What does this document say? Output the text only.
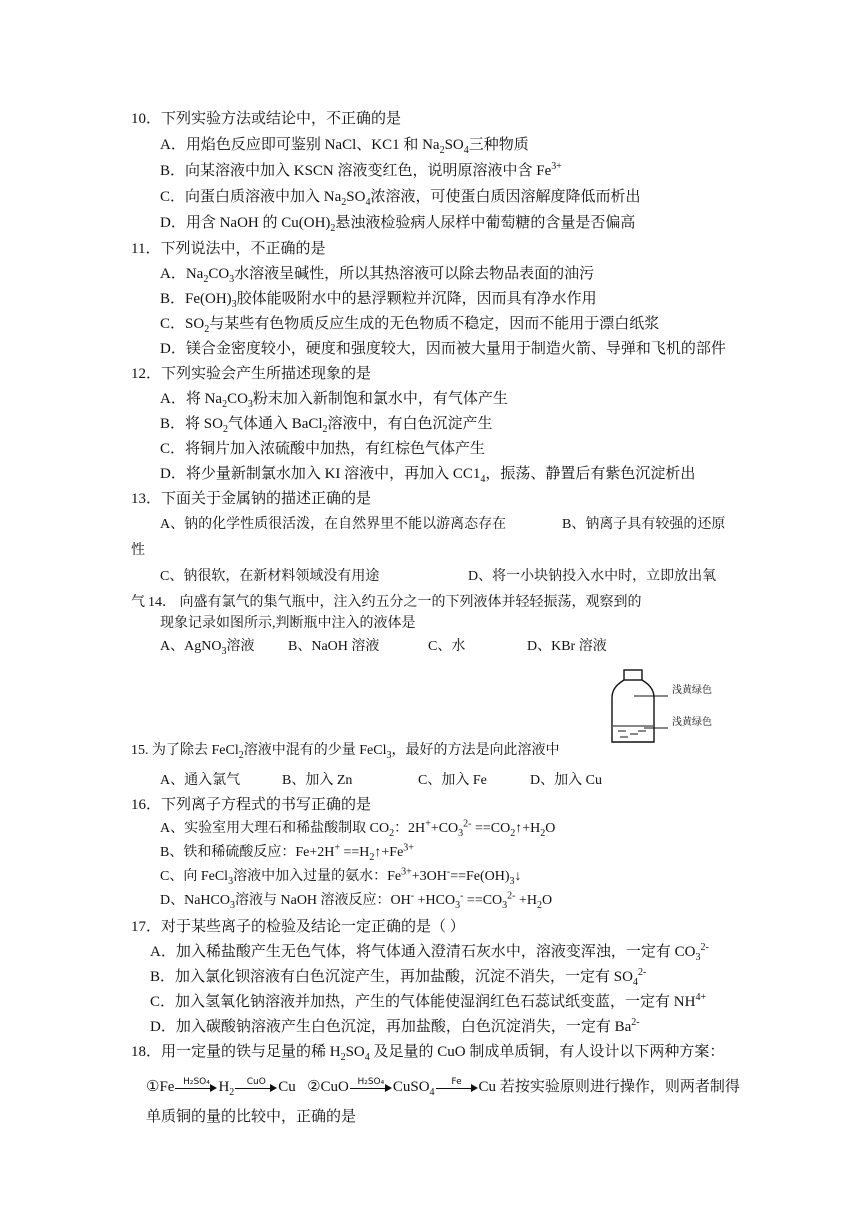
10．下列实验方法或结论中，不正确的是
A．用焰色反应即可鉴别 NaCl、KC1 和 $Na_2SO_4$三种物质
B．向某溶液中加入 KSCN 溶液变红色，说明原溶液中含 $Fe^{3+}$
C．向蛋白质溶液中加入 $Na_2SO_4$浓溶液，可使蛋白质因溶解度降低而析出
D．用含 NaOH 的 $Cu(OH)_2$悬浊液检验病人尿样中葡萄糖的含量是否偏高
11．下列说法中，不正确的是
A．$Na_2CO_3$水溶液呈碱性，所以其热溶液可以除去物品表面的油污
B．$Fe(OH)_3$胶体能吸附水中的悬浮颗粒并沉降，因而具有净水作用
C．$SO_2$与某些有色物质反应生成的无色物质不稳定，因而不能用于漂白纸浆
D．镁合金密度较小，硬度和强度较大，因而被大量用于制造火箭、导弹和飞机的部件
12．下列实验会产生所描述现象的是
A．将 $Na_2CO_3$粉末加入新制饱和氯水中，有气体产生
B．将 $SO_2$气体通入 BaCl$_2$溶液中，有白色沉淀产生
C．将铜片加入浓硫酸中加热，有红棕色气体产生
D．将少量新制氯水加入 KI 溶液中，再加入 $CC1_4$，振荡、静置后有紫色沉淀析出
13．下面关于金属钠的描述正确的是
A、钠的化学性质很活泼，在自然界里不能以游离态存在	B、钠离子具有较强的还原
性
C、钠很软，在新材料领域没有用途	D、将一小块钠投入水中时，立即放出氧
气 14． 向盛有氯气的集气瓶中，注入约五分之一的下列液体并轻轻振荡，观察到的
现象记录如图所示,判断瓶中注入的液体是
A、AgNO$_3$溶液 B、NaOH 溶液	C、水	D、KBr 溶液
浅黄绿色
浅黄绿色
15. 为了除去 FeCl$_2$溶液中混有的少量 FeCl$_3$，最好的方法是向此溶液中
A、通入氯气	B、加入 Zn	C、加入 Fe	D、加入 Cu
16．下列离子方程式的书写正确的是
A、实验室用大理石和稀盐酸制取 $CO_2$：$2H^++CO_3^{2-}$ $==CO_2↑+H_2O$
B、铁和稀硫酸反应：$Fe+2H^+ ==H_2↑+Fe^{3+}$
C、向 FeCl$_3$溶液中加入过量的氨水：$Fe^{3+}+3OH^-==Fe(OH)_3↓$
D、NaHCO$_3$溶液与 NaOH 溶液反应：$OH^- +HCO_3^- ==CO_3^{2-} +H_2O$
17．对于某些离子的检验及结论一定正确的是（ ）
A．加入稀盐酸产生无色气体，将气体通入澄清石灰水中，溶液变浑浊，一定有 $CO_3^{2-}$
B．加入氯化钡溶液有白色沉淀产生，再加盐酸，沉淀不消失，一定有 $SO_4^{2-}$
C．加入氢氧化钠溶液并加热，产生的气体能使湿润红色石蕊试纸变蓝，一定有 $NH^{4+}$
D．加入碳酸钠溶液产生白色沉淀，再加盐酸，白色沉淀消失，一定有 $Ba^{2-}$
18．用一定量的铁与足量的稀 $H_2SO_4$ 及足量的 CuO 制成单质铜，有人设计以下两种方案：
①Fe H₂SO₄ $H_2$
CuO Cu ②CuO H₂SO₄ CuSO$_4$
Fe	Cu 若按实验原则进行操作，则两者制得
单质铜的量的比较中，正确的是
